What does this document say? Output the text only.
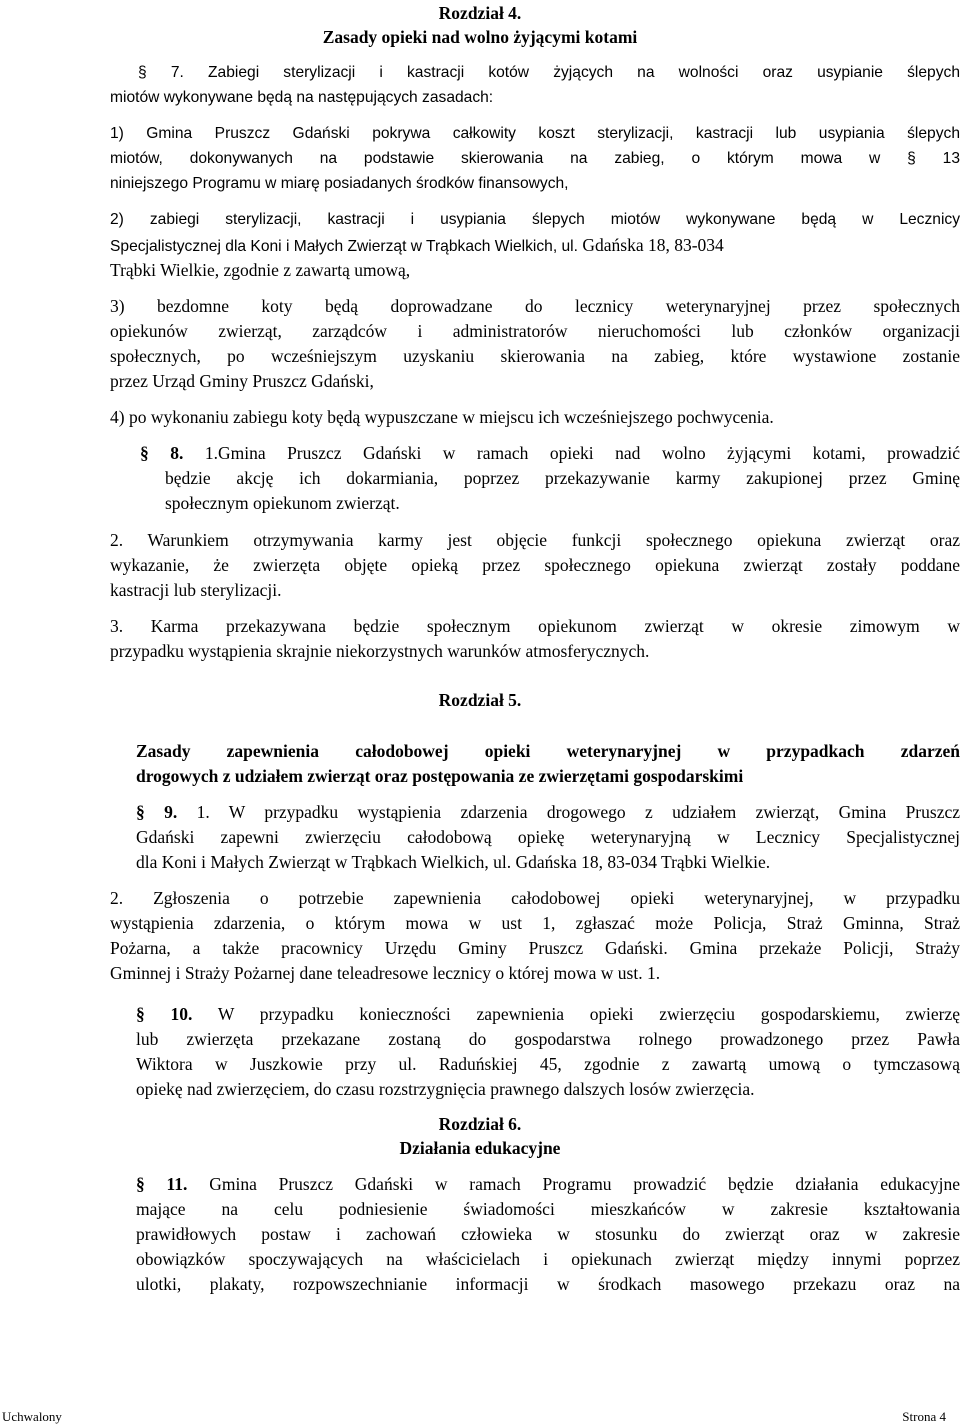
Rozdział 4.
Zasady opieki nad wolno żyjącymi kotami
§ 7. Zabiegi sterylizacji i kastracji kotów żyjących na wolności oraz usypianie ślepych
miotów wykonywane będą na następujących zasadach:
1) Gmina Pruszcz Gdański pokrywa całkowity koszt sterylizacji, kastracji lub usypiania ślepych
miotów, dokonywanych na podstawie skierowania na zabieg, o którym mowa w § 13
niniejszego Programu w miarę posiadanych środków finansowych,
2) zabiegi sterylizacji, kastracji i usypiania ślepych miotów wykonywane będą w Lecznicy
Specjalistycznej dla Koni i Małych Zwierząt w Trąbkach Wielkich, ul. Gdańska 18, 83-034
Trąbki Wielkie, zgodnie z zawartą umową,
3) bezdomne koty będą doprowadzane do lecznicy weterynaryjnej przez społecznych
opiekunów zwierząt, zarządców i administratorów nieruchomości lub członków organizacji
społecznych, po wcześniejszym uzyskaniu skierowania na zabieg, które wystawione zostanie
przez Urząd Gminy Pruszcz Gdański,
4) po wykonaniu zabiegu koty będą wypuszczane w miejscu ich wcześniejszego pochwycenia.
§ 8. 1.Gmina Pruszcz Gdański w ramach opieki nad wolno żyjącymi kotami, prowadzić
będzie akcję ich dokarmiania, poprzez przekazywanie karmy zakupionej przez Gminę
społecznym opiekunom zwierząt.
2. Warunkiem otrzymywania karmy jest objęcie funkcji społecznego opiekuna zwierząt oraz
wykazanie, że zwierzęta objęte opieką przez społecznego opiekuna zwierząt zostały poddane
kastracji lub sterylizacji.
3. Karma przekazywana będzie społecznym opiekunom zwierząt w okresie zimowym w
przypadku wystąpienia skrajnie niekorzystnych warunków atmosferycznych.
Rozdział 5.
Zasady zapewnienia całodobowej opieki weterynaryjnej w przypadkach zdarzeń
drogowych z udziałem zwierząt oraz postępowania ze zwierzętami gospodarskimi
§ 9. 1. W przypadku wystąpienia zdarzenia drogowego z udziałem zwierząt, Gmina Pruszcz
Gdański zapewni zwierzęciu całodobową opiekę weterynaryjną w Lecznicy Specjalistycznej
dla Koni i Małych Zwierząt w Trąbkach Wielkich, ul. Gdańska 18, 83-034 Trąbki Wielkie.
2. Zgłoszenia o potrzebie zapewnienia całodobowej opieki weterynaryjnej, w przypadku
wystąpienia zdarzenia, o którym mowa w ust 1, zgłaszać może Policja, Straż Gminna, Straż
Pożarna, a także pracownicy Urzędu Gminy Pruszcz Gdański. Gmina przekaże Policji, Straży
Gminnej i Straży Pożarnej dane teleadresowe lecznicy o której mowa w ust. 1.
§ 10. W przypadku konieczności zapewnienia opieki zwierzęciu gospodarskiemu, zwierzę
lub zwierzęta przekazane zostaną do gospodarstwa rolnego prowadzonego przez Pawła
Wiktora w Juszkowie przy ul. Raduńskiej 45, zgodnie z zawartą umową o tymczasową
opiekę nad zwierzęciem, do czasu rozstrzygnięcia prawnego dalszych losów zwierzęcia.
Rozdział 6.
Działania edukacyjne
§ 11. Gmina Pruszcz Gdański w ramach Programu prowadzić będzie działania edukacyjne
mające na celu podniesienie świadomości mieszkańców w zakresie kształtowania
prawidłowych postaw i zachowań człowieka w stosunku do zwierząt oraz w zakresie
obowiązków spoczywających na właścicielach i opiekunach zwierząt między innymi poprzez
ulotki, plakaty, rozpowszechnianie informacji w środkach masowego przekazu oraz na
Uchwalony	Strona 4
